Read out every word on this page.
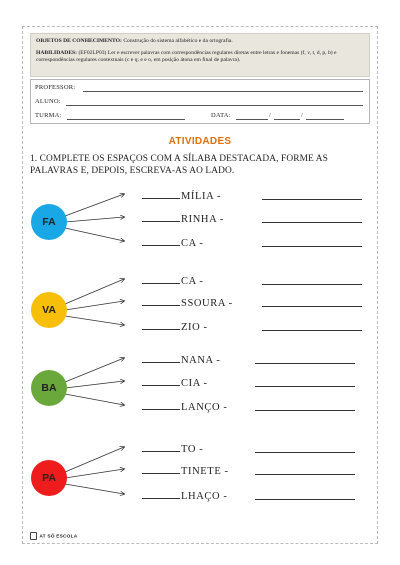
OBJETOS DE CONHECIMENTO: Construção do sistema alfabético e da ortografia.

HABILIDADES: (EF02LP03) Ler e escrever palavras com correspondências regulares diretas entre letras e fonemas (f, v, t, d, p, b) e correspondências regulares contextuais (c e q; e e o, em posição átona em final de palavra).

PROFESSOR:
ALUNO:
TURMA:	DATA:	/	/
ATIVIDADES
1. COMPLETE OS ESPAÇOS COM A SÍLABA DESTACADA, FORME AS PALAVRAS E, DEPOIS, ESCREVA-AS AO LADO.
FA
MÍLIA -
RINHA -
CA -
VA
CA -
SSOURA -
ZIO -
BA
NANA -
CIA -
LANÇO -
PA
TO -
TINETE -
LHAÇO -
AT SÓ ESCOLA
